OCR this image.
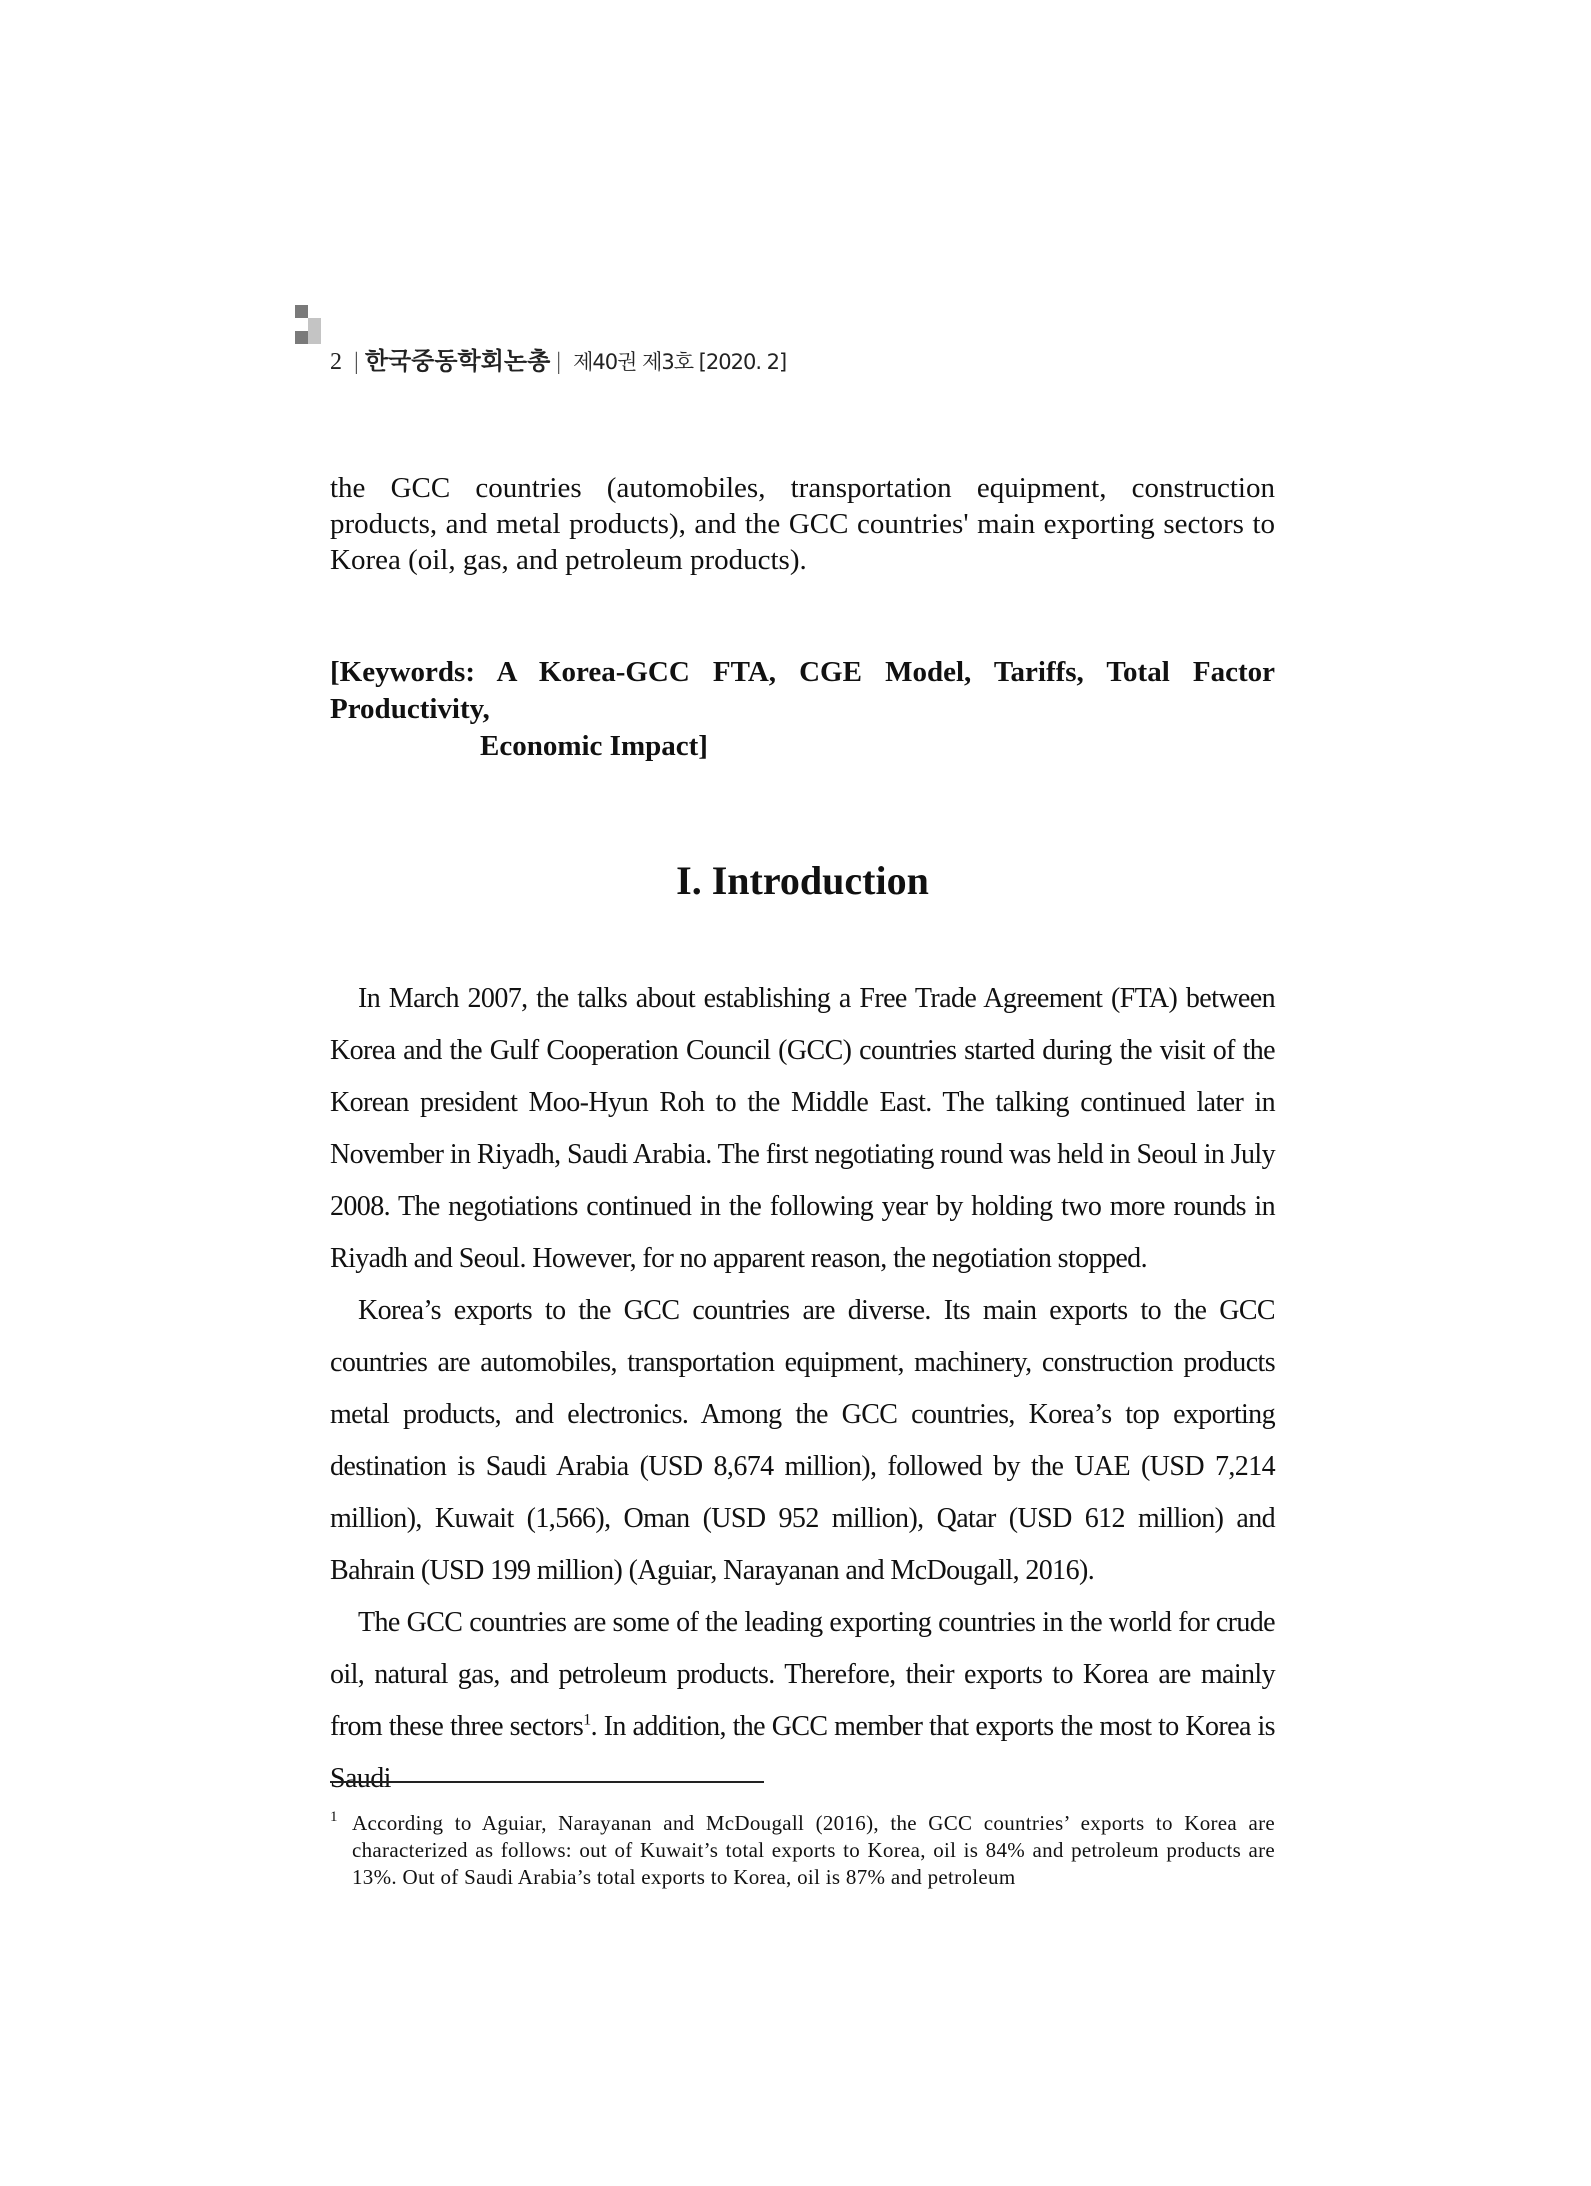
2 | 한국중동학회논총 | 제40권 제3호 [2020. 2]
the GCC countries (automobiles, transportation equipment, construction products, and metal products), and the GCC countries' main exporting sectors to Korea (oil, gas, and petroleum products).
[Keywords: A Korea-GCC FTA, CGE Model, Tariffs, Total Factor Productivity,
Economic Impact]
I. Introduction

In March 2007, the talks about establishing a Free Trade Agreement (FTA) between Korea and the Gulf Cooperation Council (GCC) countries started during the visit of the Korean president Moo-Hyun Roh to the Middle East. The talking continued later in November in Riyadh, Saudi Arabia. The first negotiating round was held in Seoul in July 2008. The negotiations continued in the following year by holding two more rounds in Riyadh and Seoul. However, for no apparent reason, the negotiation stopped.

Korea’s exports to the GCC countries are diverse. Its main exports to the GCC countries are automobiles, transportation equipment, machinery, construction products metal products, and electronics. Among the GCC countries, Korea’s top exporting destination is Saudi Arabia (USD 8,674 million), followed by the UAE (USD 7,214 million), Kuwait (1,566), Oman (USD 952 million), Qatar (USD 612 million) and Bahrain (USD 199 million) (Aguiar, Narayanan and McDougall, 2016).

The GCC countries are some of the leading exporting countries in the world for crude oil, natural gas, and petroleum products. Therefore, their exports to Korea are mainly from these three sectors$^1$. In addition, the GCC member that exports the most to Korea is Saudi

1 According to Aguiar, Narayanan and McDougall (2016), the GCC countries’ exports to Korea are characterized as follows: out of Kuwait’s total exports to Korea, oil is 84% and petroleum products are 13%. Out of Saudi Arabia’s total exports to Korea, oil is 87% and petroleum
